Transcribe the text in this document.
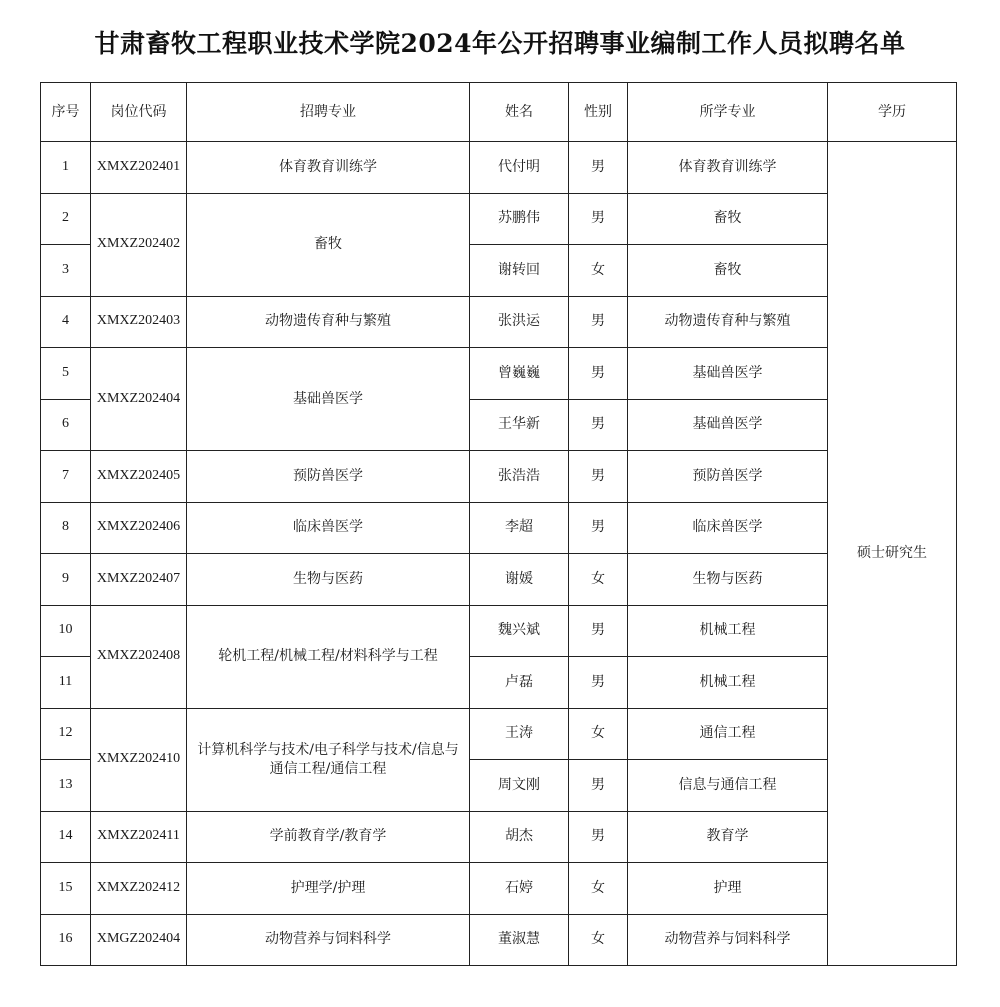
甘肃畜牧工程职业技术学院2024年公开招聘事业编制工作人员拟聘名单
序号	岗位代码	招聘专业	姓名	性别	所学专业	学历
1	XMXZ202401	体育教育训练学	代付明	男	体育教育训练学	硕士研究生
2	XMXZ202402	畜牧	苏鹏伟	男	畜牧	
3			谢转回	女	畜牧	
4	XMXZ202403	动物遗传育种与繁殖	张洪运	男	动物遗传育种与繁殖	
5	XMXZ202404	基础兽医学	曾巍巍	男	基础兽医学	
6			王华新	男	基础兽医学	
7	XMXZ202405	预防兽医学	张浩浩	男	预防兽医学	
8	XMXZ202406	临床兽医学	李超	男	临床兽医学	
9	XMXZ202407	生物与医药	谢媛	女	生物与医药	
10	XMXZ202408	轮机工程/机械工程/材料科学与工程	魏兴斌	男	机械工程	
11			卢磊	男	机械工程	
12	XMXZ202410	计算机科学与技术/电子科学与技术/信息与通信工程/通信工程	王涛	女	通信工程	
13			周文刚	男	信息与通信工程	
14	XMXZ202411	学前教育学/教育学	胡杰	男	教育学	
15	XMXZ202412	护理学/护理	石婷	女	护理	
16	XMGZ202404	动物营养与饲料科学	董淑慧	女	动物营养与饲料科学	
